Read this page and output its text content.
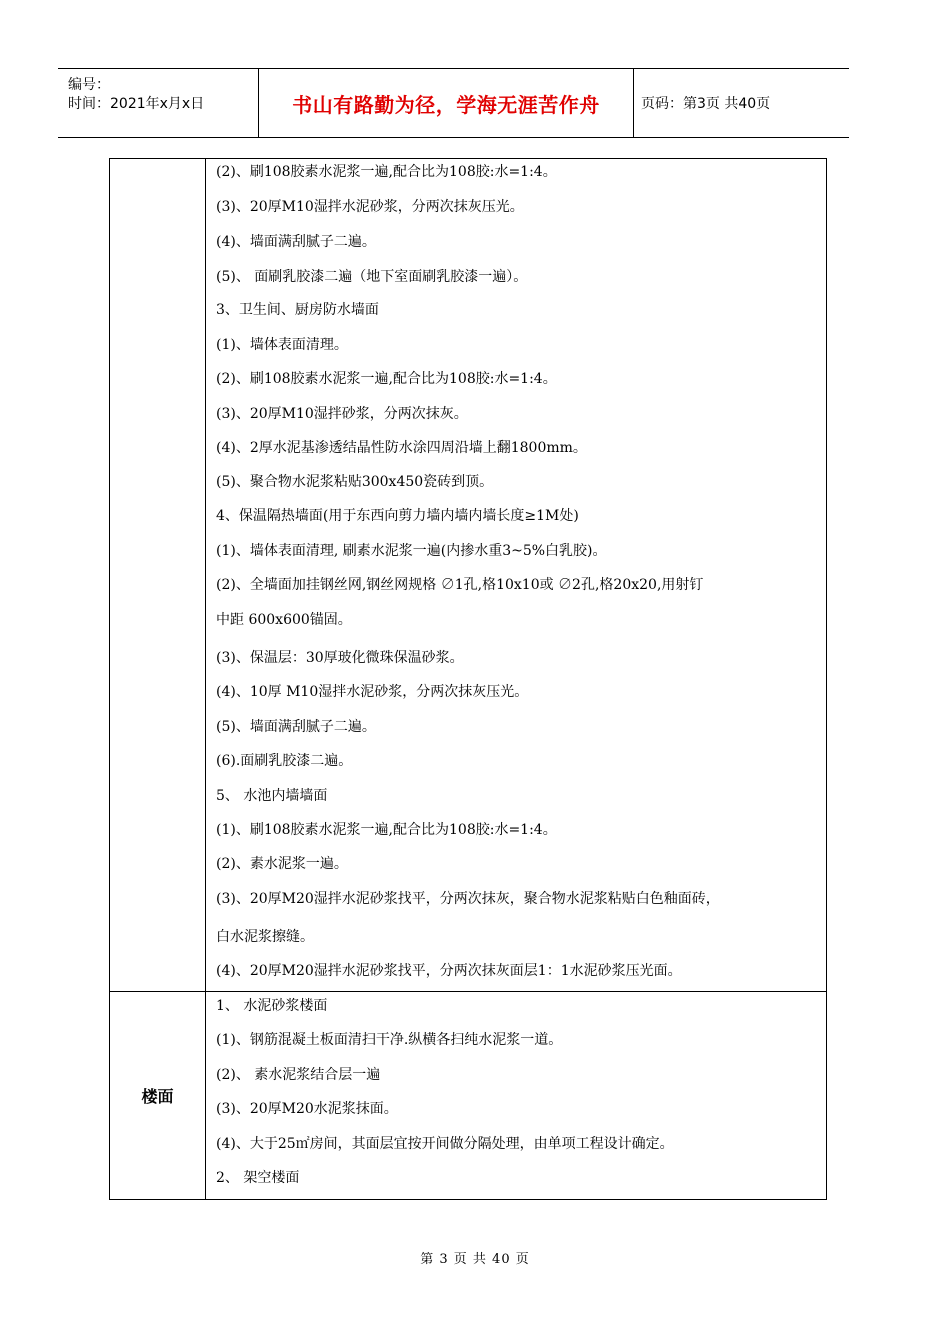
编号：
时间：2021年x月x日	书山有路勤为径，学海无涯苦作舟	页码：第3页 共40页
(2)、刷108胶素水泥浆一遍,配合比为108胶:水=1:4。
(3)、20厚M10湿拌水泥砂浆，分两次抹灰压光。
(4)、墙面满刮腻子二遍。
(5)、 面刷乳胶漆二遍（地下室面刷乳胶漆一遍）。
3、卫生间、厨房防水墙面
(1)、墙体表面清理。
(2)、刷108胶素水泥浆一遍,配合比为108胶:水=1:4。
(3)、20厚M10湿拌砂浆，分两次抹灰。
(4)、2厚水泥基渗透结晶性防水涂四周沿墙上翻1800mm。
(5)、聚合物水泥浆粘贴300x450瓷砖到顶。
4、保温隔热墙面(用于东西向剪力墙内墙内墙长度≥1M处)
(1)、墙体表面清理, 刷素水泥浆一遍(内掺水重3~5%白乳胶)。
(2)、全墙面加挂钢丝网,钢丝网规格 ∅1孔,格10x10或 ∅2孔,格20x20,用射钉
中距 600x600锚固。
(3)、保温层：30厚玻化微珠保温砂浆。
(4)、10厚 M10湿拌水泥砂浆，分两次抹灰压光。
(5)、墙面满刮腻子二遍。
(6).面刷乳胶漆二遍。
5、 水池内墙墙面
(1)、刷108胶素水泥浆一遍,配合比为108胶:水=1:4。
(2)、素水泥浆一遍。
(3)、20厚M20湿拌水泥砂浆找平，分两次抹灰，聚合物水泥浆粘贴白色釉面砖，
白水泥浆擦缝。
(4)、20厚M20湿拌水泥砂浆找平，分两次抹灰面层1：1水泥砂浆压光面。
楼面
1、 水泥砂浆楼面
(1)、钢筋混凝土板面清扫干净.纵横各扫纯水泥浆一道。
(2)、 素水泥浆结合层一遍
(3)、20厚M20水泥浆抹面。
(4)、大于25㎡房间，其面层宜按开间做分隔处理，由单项工程设计确定。
2、 架空楼面
第 3 页 共 40 页
